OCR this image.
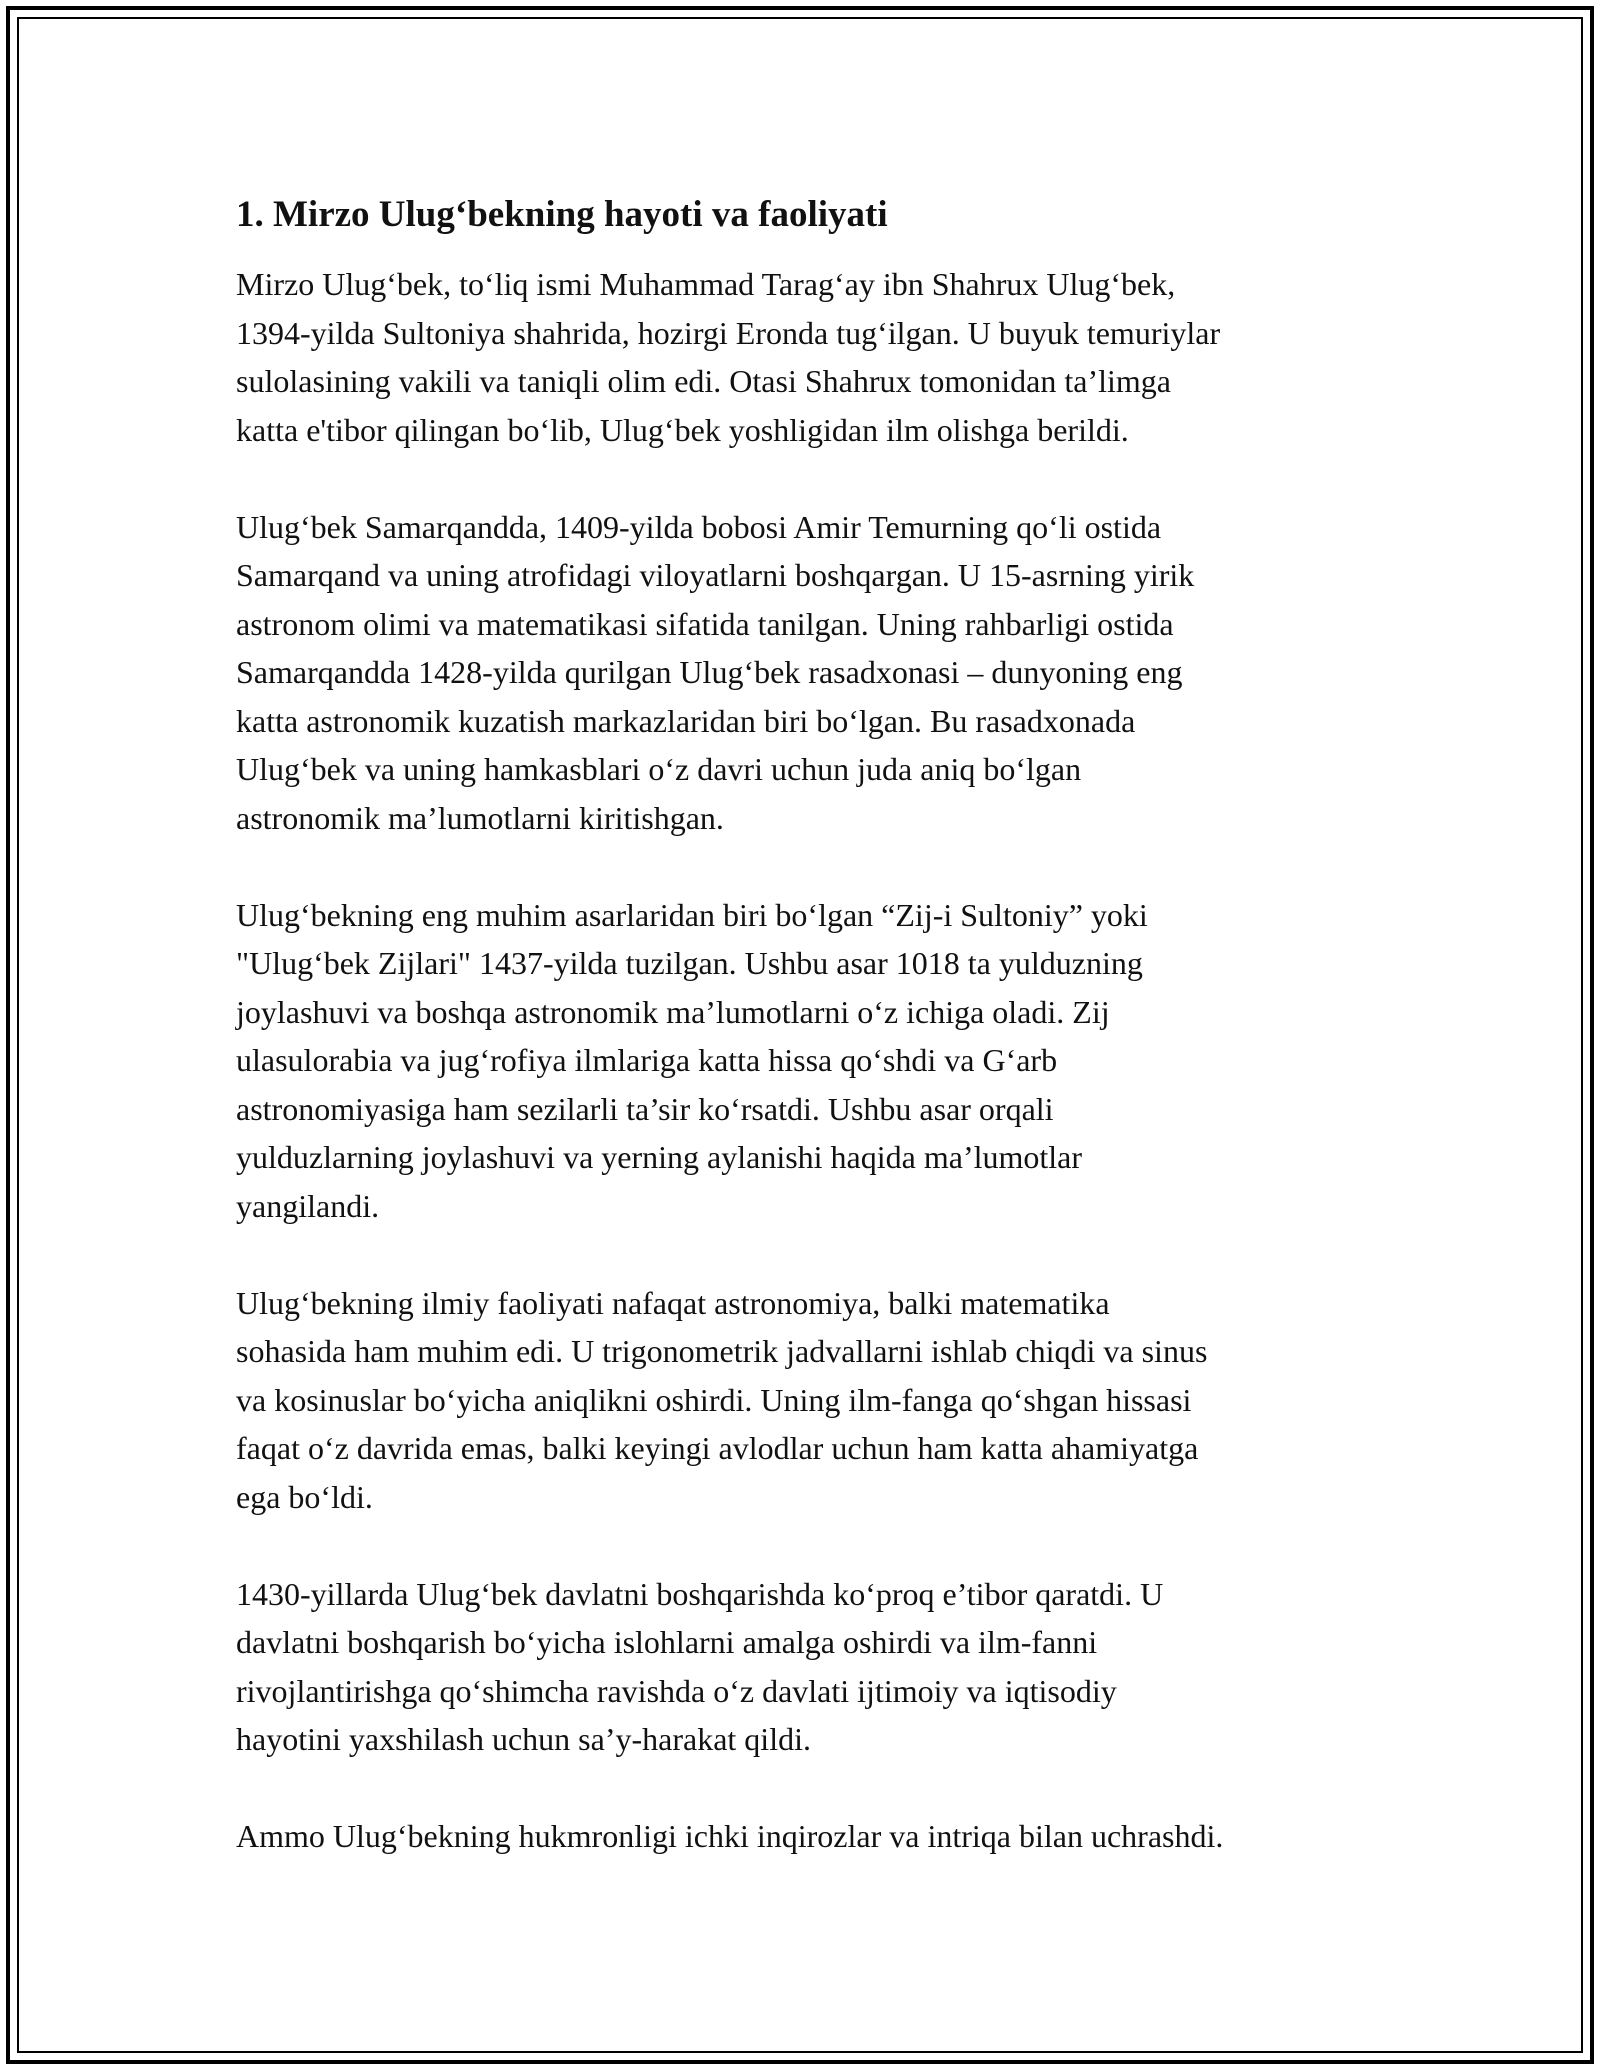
1. Mirzo Ulug‘bekning hayoti va faoliyati

Mirzo Ulug‘bek, to‘liq ismi Muhammad Tarag‘ay ibn Shahrux Ulug‘bek,
1394-yilda Sultoniya shahrida, hozirgi Eronda tug‘ilgan. U buyuk temuriylar
sulolasining vakili va taniqli olim edi. Otasi Shahrux tomonidan ta’limga
katta e'tibor qilingan bo‘lib, Ulug‘bek yoshligidan ilm olishga berildi.

Ulug‘bek Samarqandda, 1409-yilda bobosi Amir Temurning qo‘li ostida
Samarqand va uning atrofidagi viloyatlarni boshqargan. U 15-asrning yirik
astronom olimi va matematikasi sifatida tanilgan. Uning rahbarligi ostida
Samarqandda 1428-yilda qurilgan Ulug‘bek rasadxonasi – dunyoning eng
katta astronomik kuzatish markazlaridan biri bo‘lgan. Bu rasadxonada
Ulug‘bek va uning hamkasblari o‘z davri uchun juda aniq bo‘lgan
astronomik ma’lumotlarni kiritishgan.

Ulug‘bekning eng muhim asarlaridan biri bo‘lgan “Zij-i Sultoniy” yoki
"Ulug‘bek Zijlari" 1437-yilda tuzilgan. Ushbu asar 1018 ta yulduzning
joylashuvi va boshqa astronomik ma’lumotlarni o‘z ichiga oladi. Zij
ulasulorabia va jug‘rofiya ilmlariga katta hissa qo‘shdi va G‘arb
astronomiyasiga ham sezilarli ta’sir ko‘rsatdi. Ushbu asar orqali
yulduzlarning joylashuvi va yerning aylanishi haqida ma’lumotlar
yangilandi.

Ulug‘bekning ilmiy faoliyati nafaqat astronomiya, balki matematika
sohasida ham muhim edi. U trigonometrik jadvallarni ishlab chiqdi va sinus
va kosinuslar bo‘yicha aniqlikni oshirdi. Uning ilm-fanga qo‘shgan hissasi
faqat o‘z davrida emas, balki keyingi avlodlar uchun ham katta ahamiyatga
ega bo‘ldi.

1430-yillarda Ulug‘bek davlatni boshqarishda ko‘proq e’tibor qaratdi. U
davlatni boshqarish bo‘yicha islohlarni amalga oshirdi va ilm-fanni
rivojlantirishga qo‘shimcha ravishda o‘z davlati ijtimoiy va iqtisodiy
hayotini yaxshilash uchun sa’y-harakat qildi.

Ammo Ulug‘bekning hukmronligi ichki inqirozlar va intriqa bilan uchrashdi.
